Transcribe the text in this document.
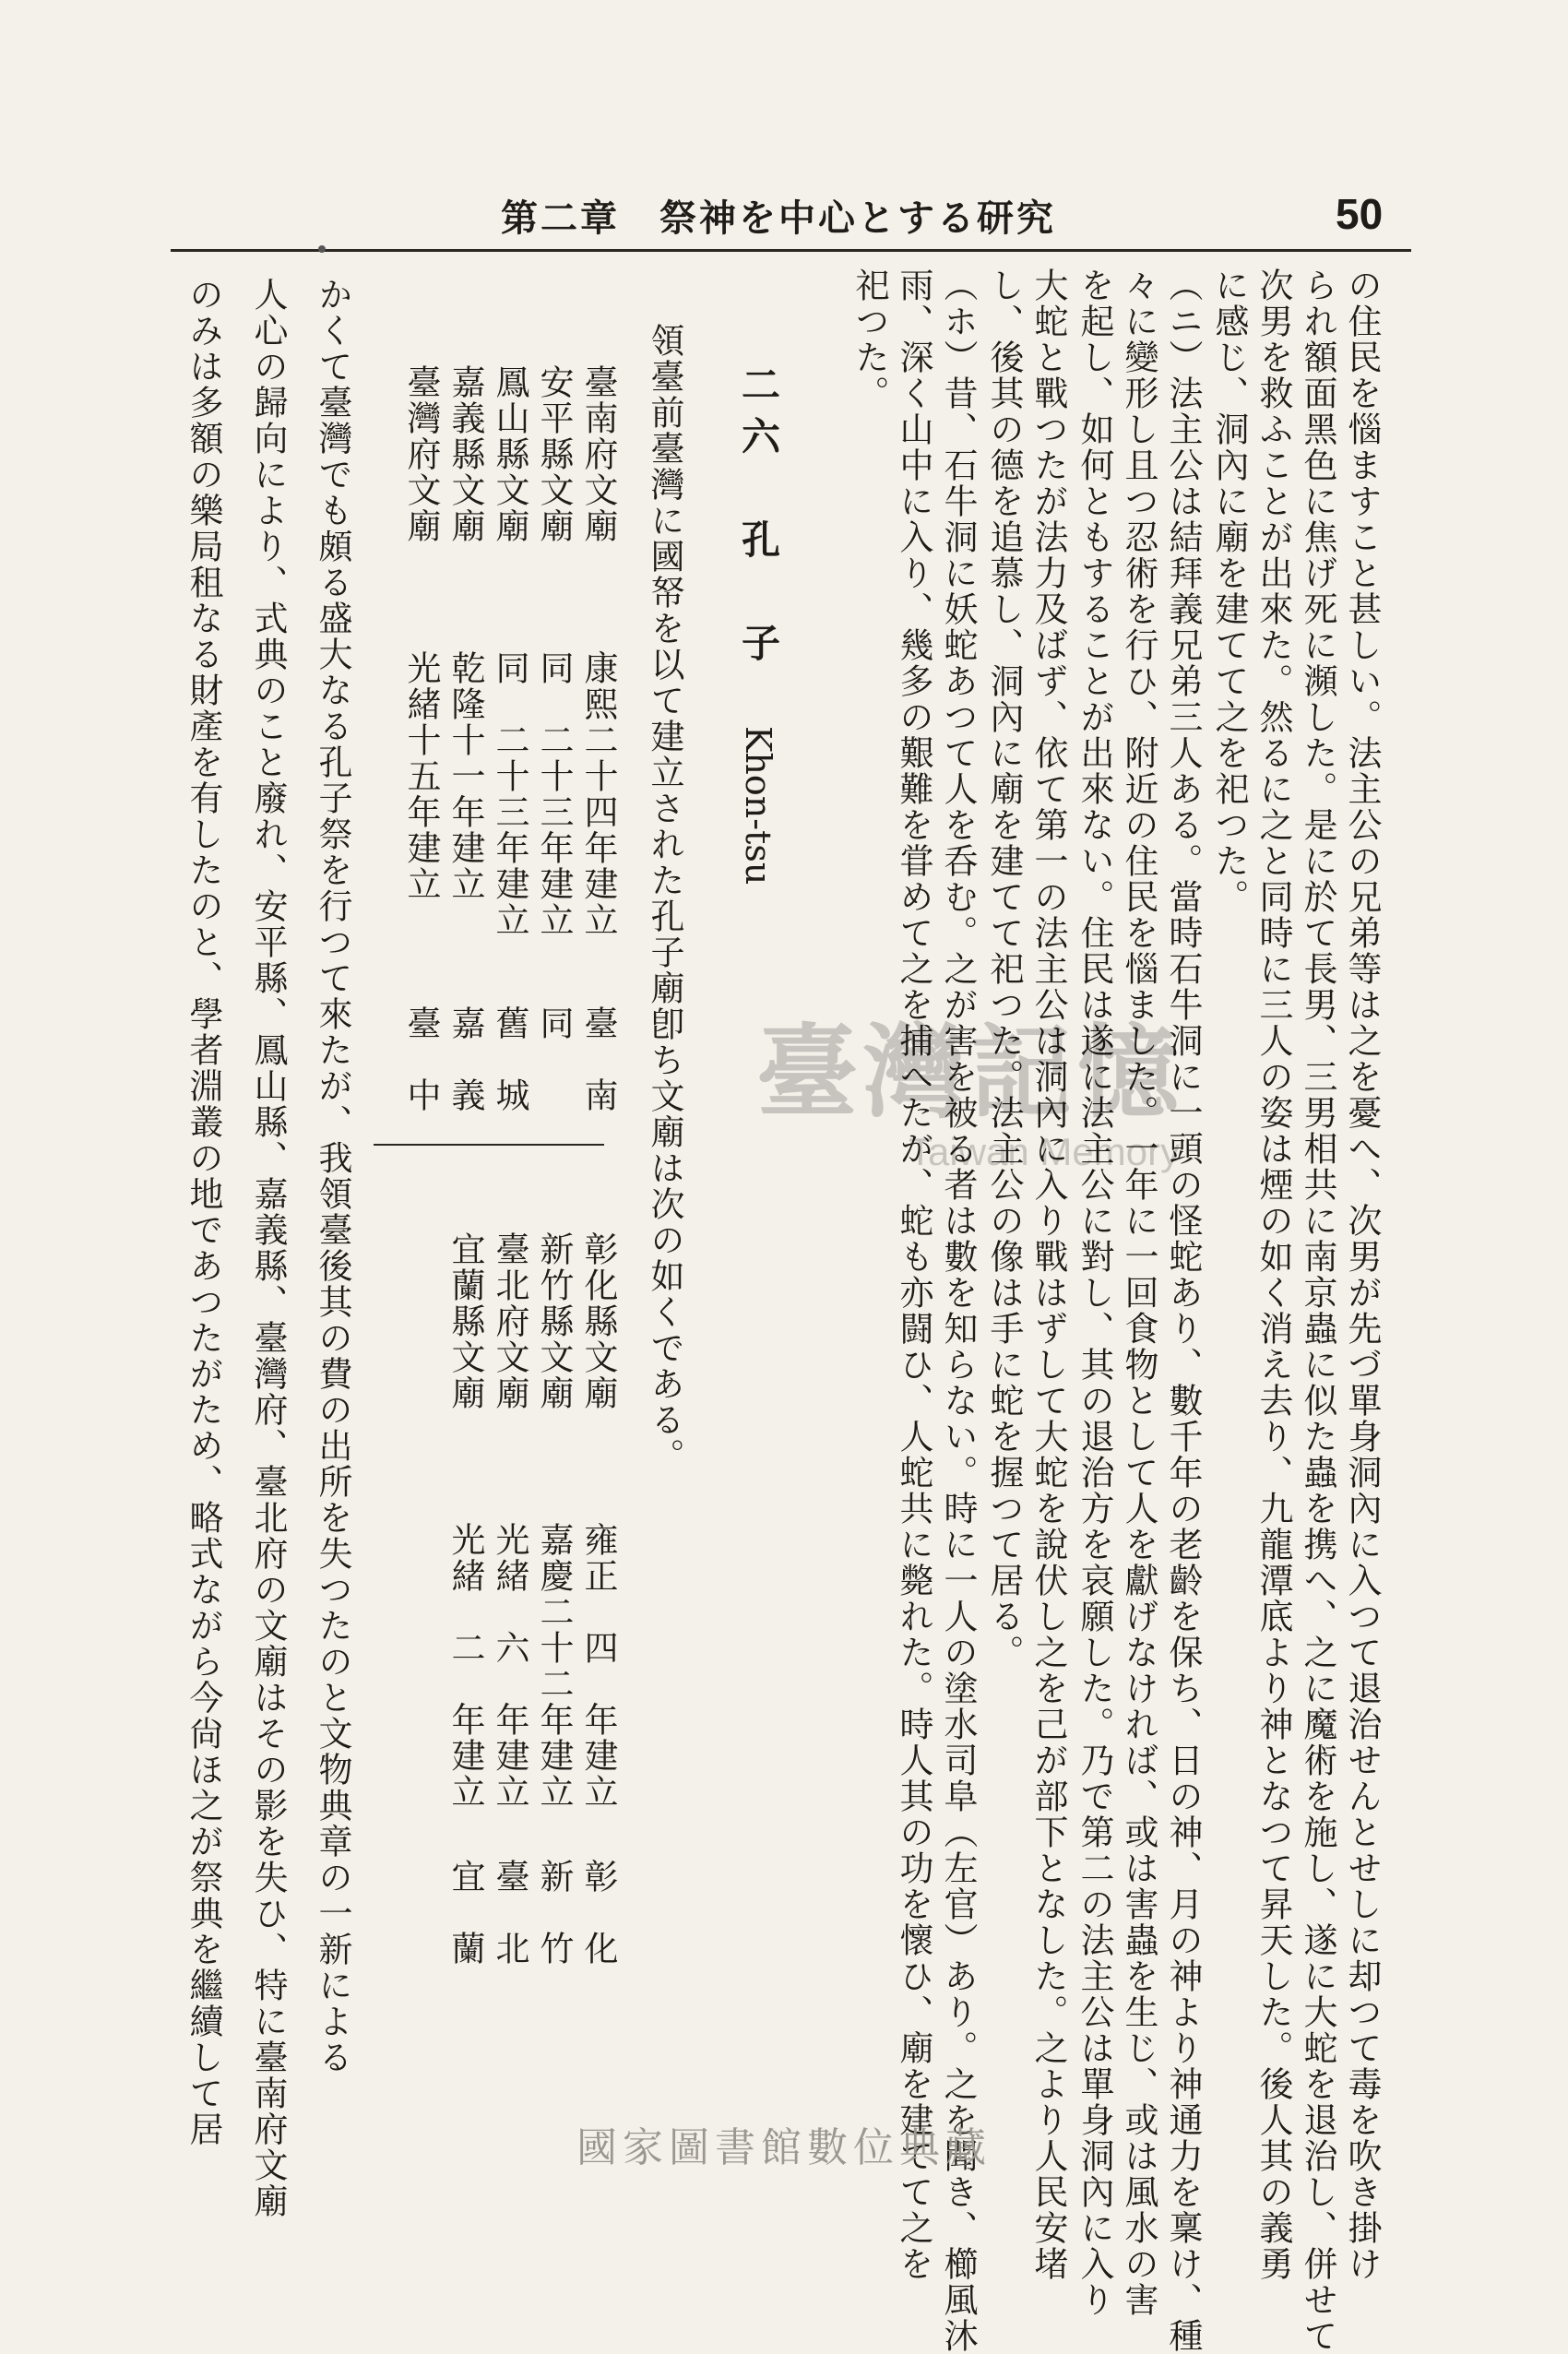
究研るすと心中を神祭　章二第	50
の住民を惱ますこと甚しい。法主公の兄弟等は之を憂へ、次男が先づ單身洞內に入つて退治せんとせしに却つて毒を吹き掛け
られ額面黑色に焦げ死に瀕した。是に於て長男、三男相共に南京蟲に似た蟲を携へ、之に魔術を施し、遂に大蛇を退治し、併せて
次男を救ふことが出來た。然るに之と同時に三人の姿は煙の如く消え去り、九龍潭底より神となつて昇天した。後人其の義勇
に感じ、洞內に廟を建てて之を祀つた。
（ニ）法主公は結拜義兄弟三人ある。當時石牛洞に一頭の怪蛇あり、數千年の老齡を保ち、日の神、月の神より神通力を稟け、種
々に變形し且つ忍術を行ひ、附近の住民を惱ました。一年に一回食物として人を獻げなければ、或は害蟲を生じ、或は風水の害
を起し、如何ともすることが出來ない。住民は遂に法主公に對し、其の退治方を哀願した。乃で第二の法主公は單身洞內に入り
大蛇と戰つたが法力及ばず、依て第一の法主公は洞內に入り戰はずして大蛇を說伏し之を己が部下となした。之より人民安堵
し、後其の德を追慕し、洞內に廟を建てて祀つた。法主公の像は手に蛇を握つて居る。
（ホ）昔、石牛洞に妖蛇あつて人を呑む。之が害を被る者は數を知らない。時に一人の塗水司阜（左官）あり。之を聞き、櫛風沐
雨、深く山中に入り、幾多の艱難を甞めて之を捕へたが、蛇も亦闘ひ、人蛇共に斃れた。時人其の功を懷ひ、廟を建てて之を
祀つた。
二六　孔　子　Khon-tsu
領臺前臺灣に國帑を以て建立された孔子廟卽ち文廟は次の如くである。
臺南府文廟
安平縣文廟
鳳山縣文廟
嘉義縣文廟
臺灣府文廟
康熙二十四年建立
同　二十三年建立
同　二十三年建立
乾隆十一年建立
光緒十五年建立
臺　南
同
舊　城
嘉　義
臺　中
彰化縣文廟
新竹縣文廟
臺北府文廟
宜蘭縣文廟
雍正　四　年建立
嘉慶二十二年建立
光緒　六　年建立
光緒　二　年建立
彰　化
新　竹
臺　北
宜　蘭
かくて臺灣でも頗る盛大なる孔子祭を行つて來たが、我領臺後其の費の出所を失つたのと文物典章の一新による
人心の歸向により、式典のこと廢れ、安平縣、鳳山縣、嘉義縣、臺灣府、臺北府の文廟はその影を失ひ、特に臺南府文廟
のみは多額の樂局租なる財產を有したのと、學者淵叢の地であつたがため、略式ながら今尙ほ之が祭典を繼續して居	臺灣記憶
Taiwan Memory
國家圖書館數位典藏
